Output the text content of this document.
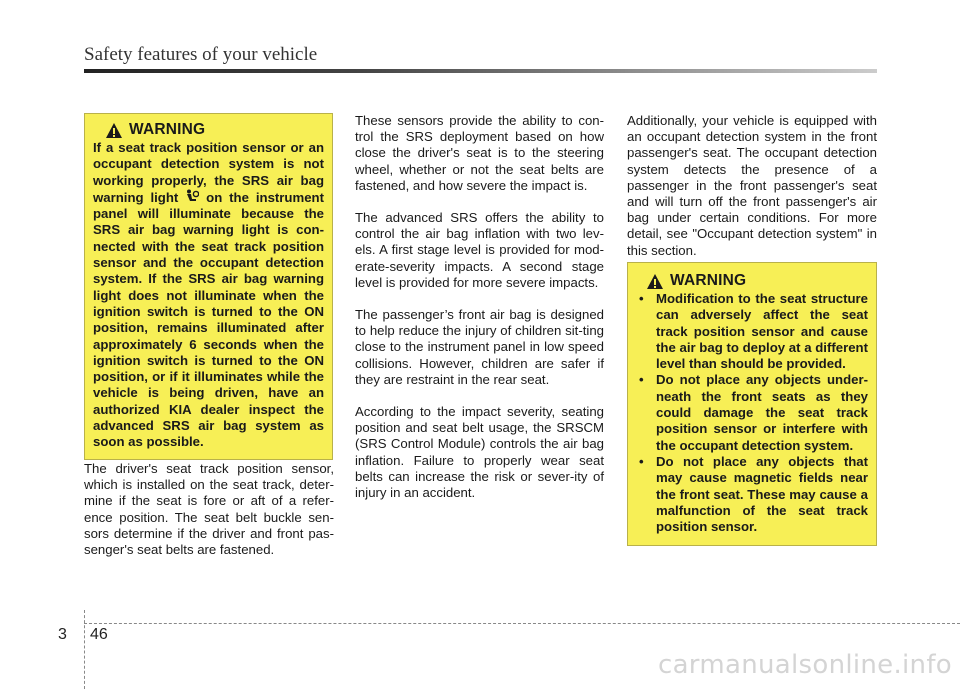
Safety features of your vehicle
WARNING
If a seat track position sensor or an occupant detection system is not working properly, the SRS air bag warning light on the instrument panel will illuminate because the SRS air bag warning light is con-nected with the seat track position sensor and the occupant detection system. If the SRS air bag warning light does not illuminate when the ignition switch is turned to the ON position, remains illuminated after approximately 6 seconds when the ignition switch is turned to the ON position, or if it illuminates while the vehicle is being driven, have an authorized KIA dealer inspect the advanced SRS air bag system as soon as possible.

The driver's seat track position sensor, which is installed on the seat track, deter-mine if the seat is fore or aft of a refer-ence position. The seat belt buckle sen-sors determine if the driver and front pas-senger's seat belts are fastened.

These sensors provide the ability to con-trol the SRS deployment based on how close the driver's seat is to the steering wheel, whether or not the seat belts are fastened, and how severe the impact is.

The advanced SRS offers the ability to control the air bag inflation with two lev-els. A first stage level is provided for mod-erate-severity impacts. A second stage level is provided for more severe impacts.

The passenger’s front air bag is designed to help reduce the injury of children sit-ting close to the instrument panel in low speed collisions. However, children are safer if they are restraint in the rear seat.

According to the impact severity, seating position and seat belt usage, the SRSCM (SRS Control Module) controls the air bag inflation. Failure to properly wear seat belts can increase the risk or sever-ity of injury in an accident.

Additionally, your vehicle is equipped with an occupant detection system in the front passenger's seat. The occupant detection system detects the presence of a passenger in the front passenger's seat and will turn off the front passenger's air bag under certain conditions. For more detail, see "Occupant detection system" in this section.

WARNING
• Modification to the seat structure can adversely affect the seat track position sensor and cause the air bag to deploy at a different level than should be provided.
• Do not place any objects under-neath the front seats as they could damage the seat track position sensor or interfere with the occupant detection system.
• Do not place any objects that may cause magnetic fields near the front seat. These may cause a malfunction of the seat track position sensor.
3 46
carmanualsonline.info
